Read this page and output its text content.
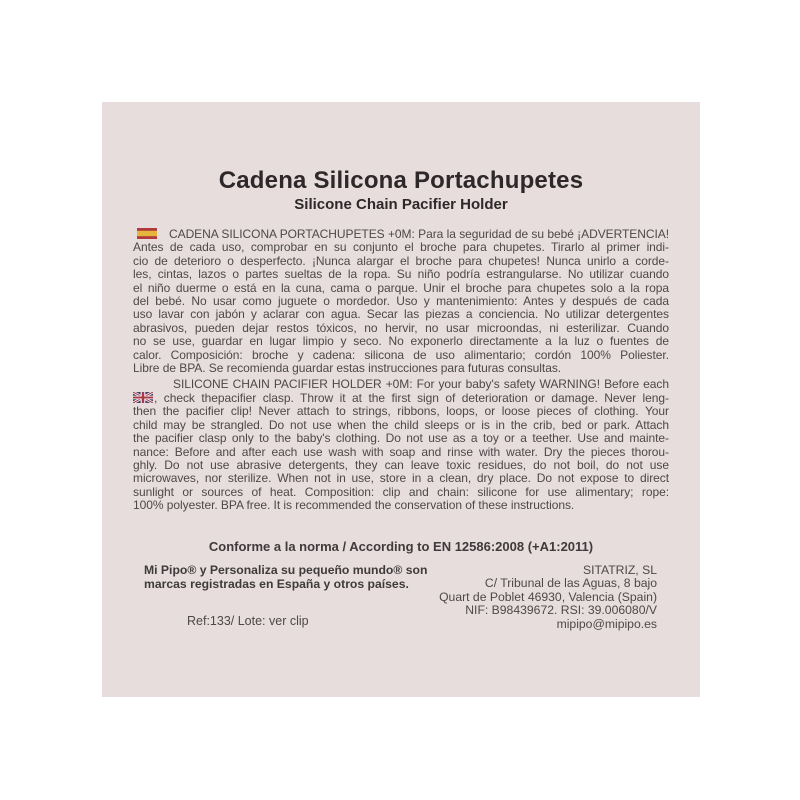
Cadena Silicona Portachupetes
Silicone Chain Pacifier Holder
CADENA SILICONA PORTACHUPETES +0M: Para la seguridad de su bebé ¡ADVERTENCIA!
Antes de cada uso, comprobar en su conjunto el broche para chupetes. Tirarlo al primer indi-
cio de deterioro o desperfecto. ¡Nunca alargar el broche para chupetes! Nunca unirlo a corde-
les, cintas, lazos o partes sueltas de la ropa. Su niño podría estrangularse. No utilizar cuando
el niño duerme o está en la cuna, cama o parque. Unir el broche para chupetes solo a la ropa
del bebé. No usar como juguete o mordedor. Uso y mantenimiento: Antes y después de cada
uso lavar con jabón y aclarar con agua. Secar las piezas a conciencia. No utilizar detergentes
abrasivos, pueden dejar restos tóxicos, no hervir, no usar microondas, ni esterilizar. Cuando
no se use, guardar en lugar limpio y seco. No exponerlo directamente a la luz o fuentes de
calor. Composición: broche y cadena: silicona de uso alimentario; cordón 100% Poliester.
Libre de BPA. Se recomienda guardar estas instrucciones para futuras consultas.
SILICONE CHAIN PACIFIER HOLDER +0M: For your baby's safety WARNING! Before each
, check thepacifier clasp. Throw it at the first sign of deterioration or damage. Never leng-
then the pacifier clip! Never attach to strings, ribbons, loops, or loose pieces of clothing. Your
child may be strangled. Do not use when the child sleeps or is in the crib, bed or park. Attach
the pacifier clasp only to the baby's clothing. Do not use as a toy or a teether. Use and mainte-
nance: Before and after each use wash with soap and rinse with water. Dry the pieces thorou-
ghly. Do not use abrasive detergents, they can leave toxic residues, do not boil, do not use
microwaves, nor sterilize. When not in use, store in a clean, dry place. Do not expose to direct
sunlight or sources of heat. Composition: clip and chain: silicone for use alimentary; rope:
100% polyester. BPA free. It is recommended the conservation of these instructions.
Conforme a la norma / According to EN 12586:2008 (+A1:2011)
Mi Pipo® y Personaliza su pequeño mundo® son
marcas registradas en España y otros países.
SITATRIZ, SL
C/ Tribunal de las Aguas, 8 bajo
Quart de Poblet 46930, Valencia (Spain)
NIF: B98439672. RSI: 39.006080/V
mipipo@mipipo.es
Ref:133/ Lote: ver clip
